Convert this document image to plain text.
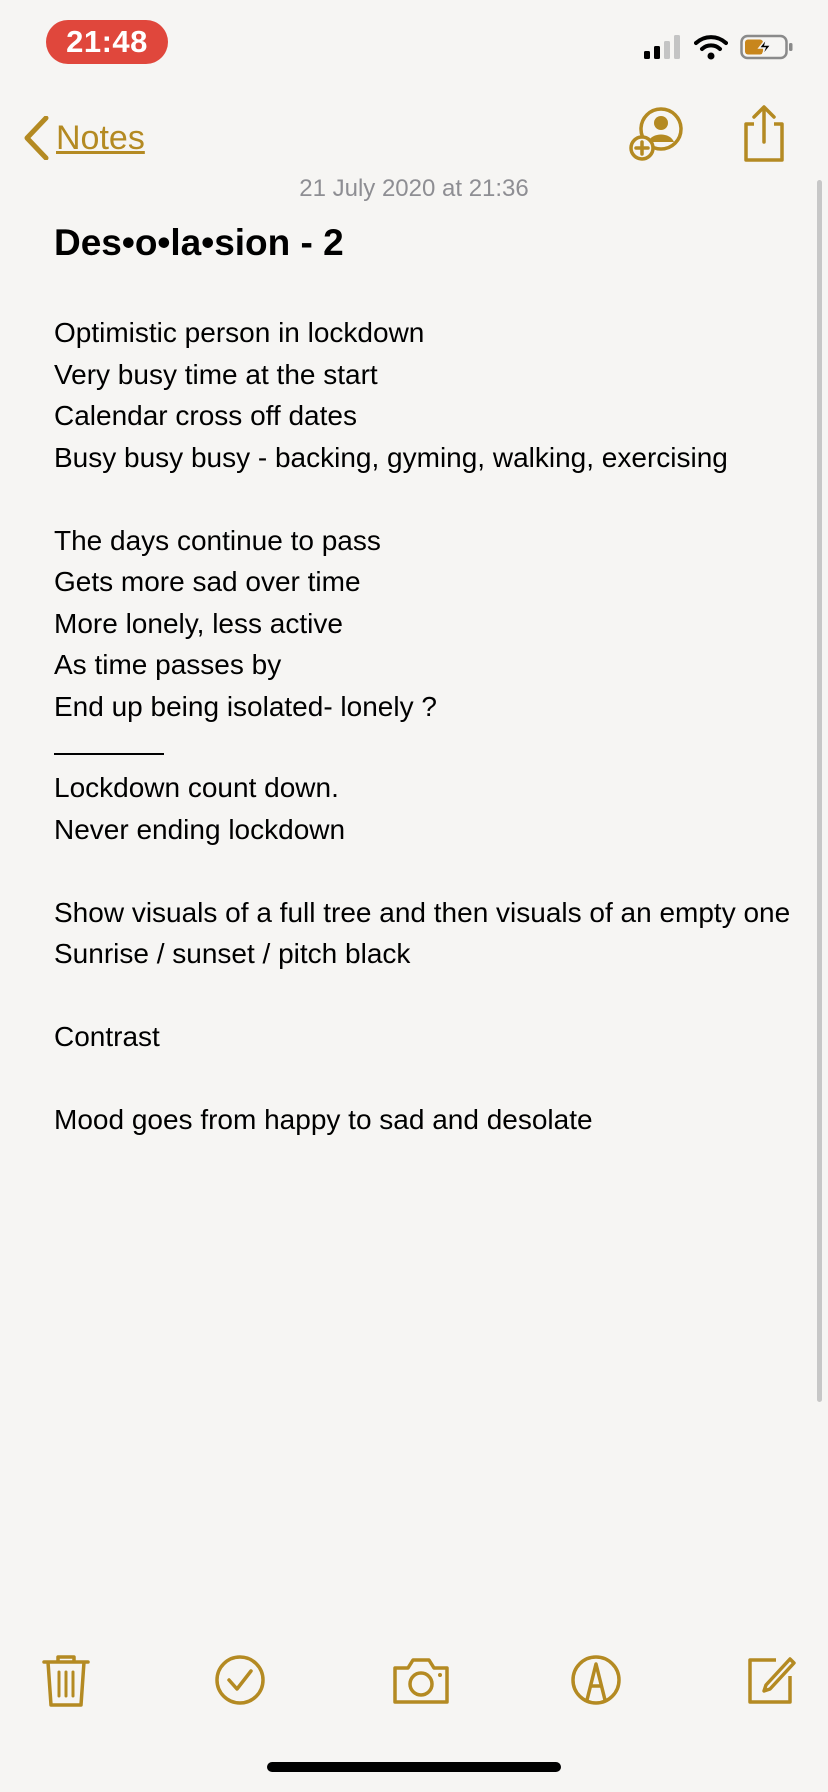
21:48
Notes
21 July 2020 at 21:36
Des•o•la•sion - 2
Optimistic person in lockdown
Very busy time at the start
Calendar cross off dates
Busy busy busy - backing, gyming, walking, exercising
The days continue to pass
Gets more sad over time
More lonely, less active
As time passes by
End up being isolated- lonely ?
Lockdown count down.
Never ending lockdown
Show visuals of a full tree and then visuals of an empty one
Sunrise / sunset / pitch black
Contrast
Mood goes from happy to sad and desolate
